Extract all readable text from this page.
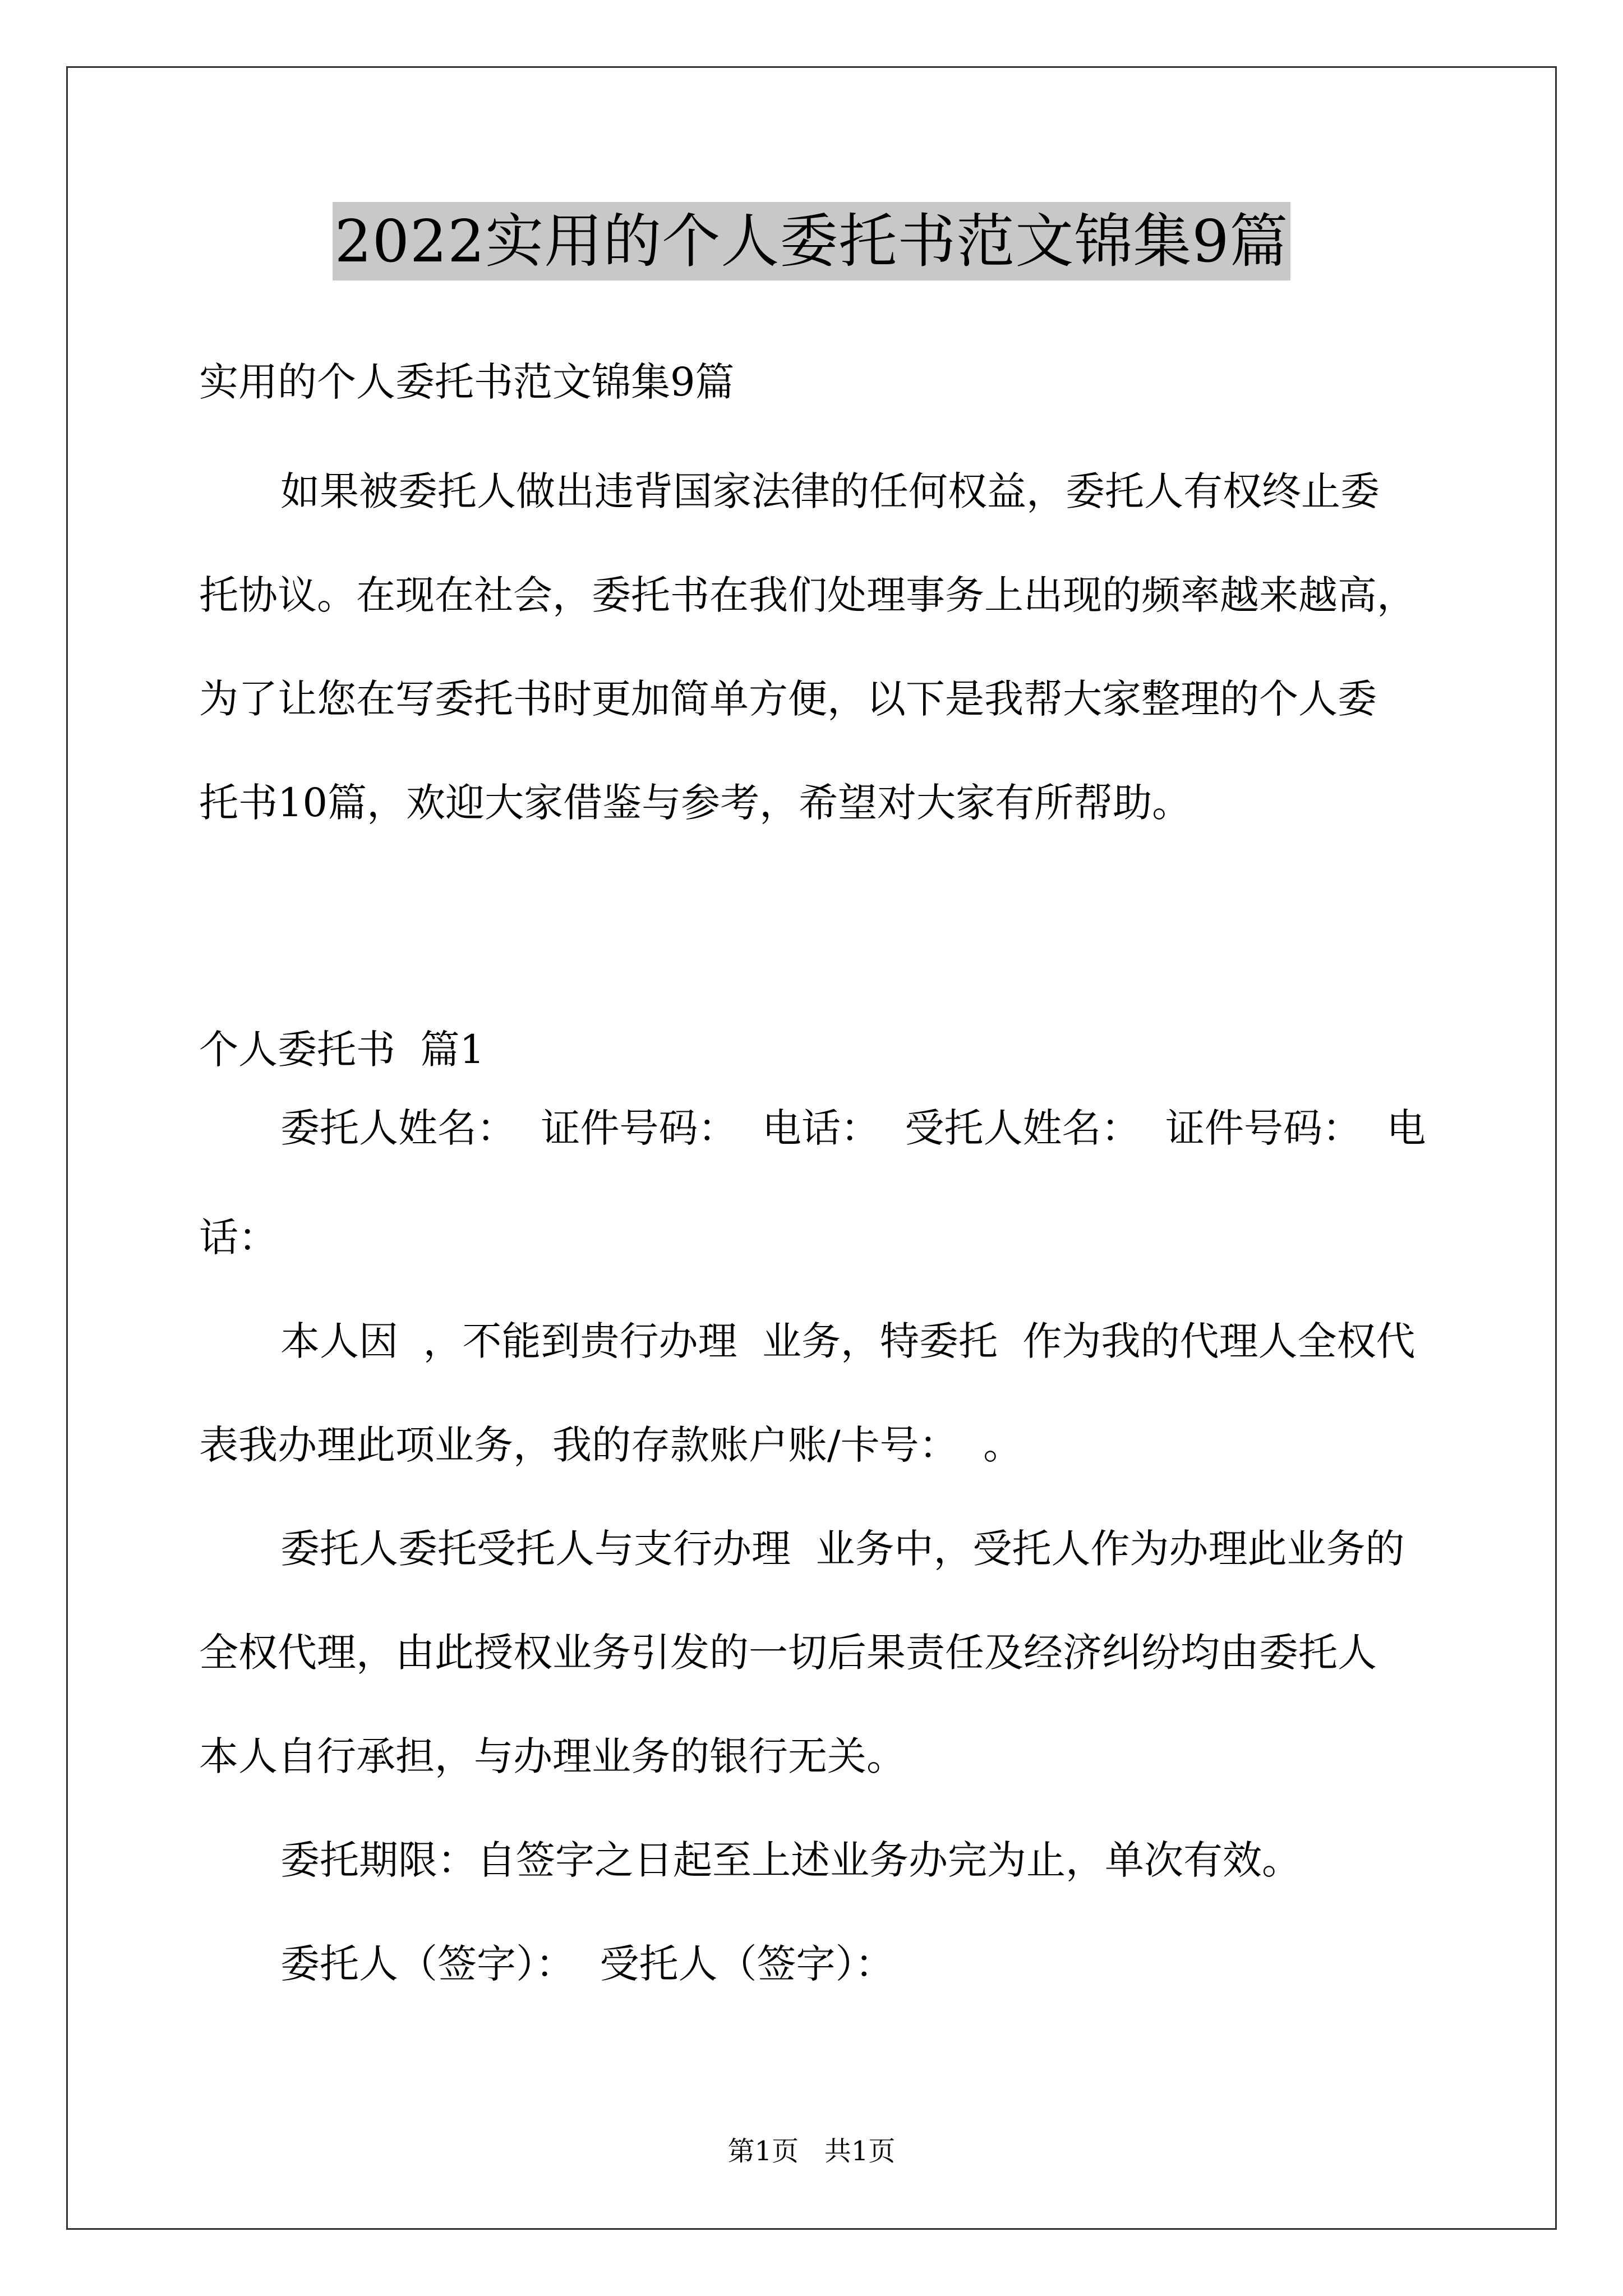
2022实用的个人委托书范文锦集9篇

实用的个人委托书范文锦集9篇

如果被委托人做出违背国家法律的任何权益，委托人有权终止委

托协议。在现在社会，委托书在我们处理事务上出现的频率越来越高，

为了让您在写委托书时更加简单方便，以下是我帮大家整理的个人委

托书10篇，欢迎大家借鉴与参考，希望对大家有所帮助。

个人委托书  篇1

委托人姓名：  证件号码：  电话：  受托人姓名：  证件号码：  电

话：

本人因  ，不能到贵行办理  业务，特委托  作为我的代理人全权代

表我办理此项业务，我的存款账户账/卡号：  。

委托人委托受托人与支行办理  业务中，受托人作为办理此业务的

全权代理，由此授权业务引发的一切后果责任及经济纠纷均由委托人

本人自行承担，与办理业务的银行无关。

委托期限：自签字之日起至上述业务办完为止，单次有效。

委托人（签字）：  受托人（签字）：

第1页   共1页
